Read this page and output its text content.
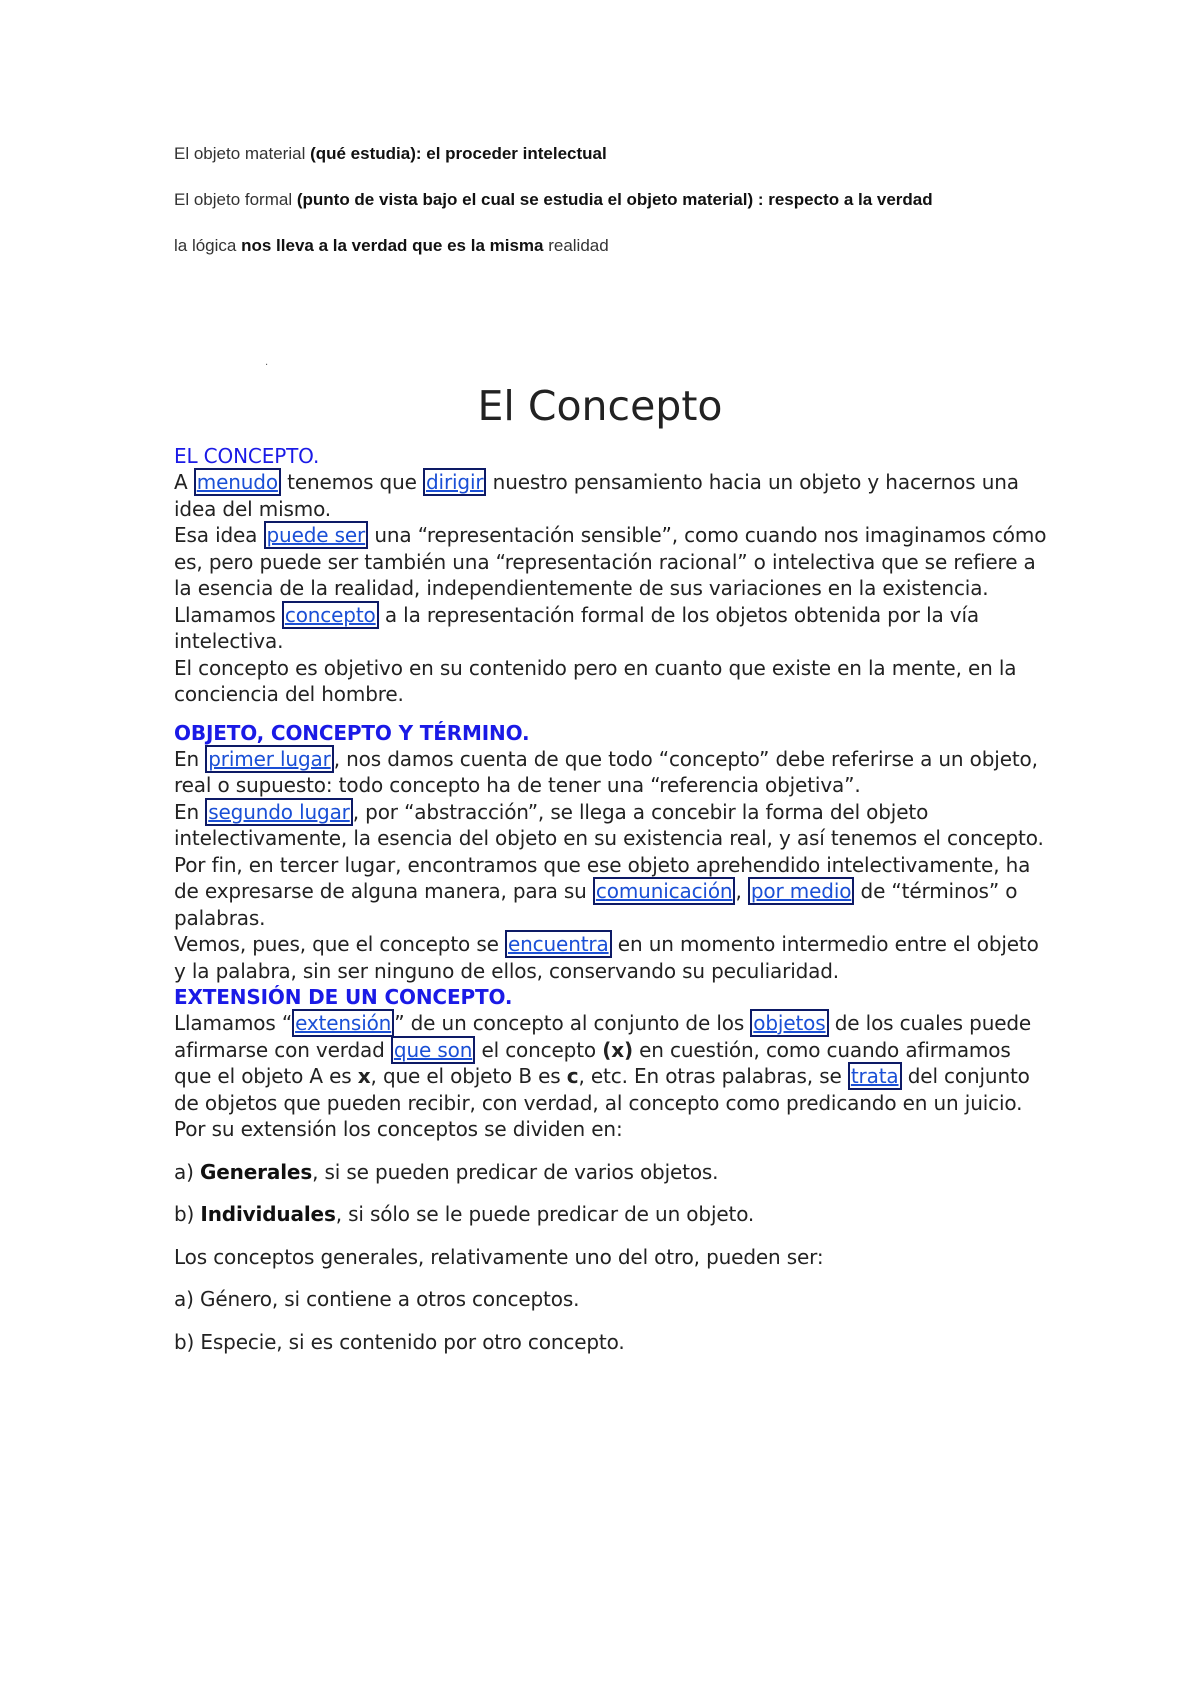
El objeto material (qué estudia): el proceder intelectual

El objeto formal (punto de vista bajo el cual se estudia el objeto material) : respecto a la verdad

la lógica nos lleva a la verdad que es la misma realidad

·
El Concepto
EL CONCEPTO.

A menudo tenemos que dirigir nuestro pensamiento hacia un objeto y hacernos una idea del mismo.

Esa idea puede ser una “representación sensible”, como cuando nos imaginamos cómo es, pero puede ser también una “representación racional” o intelectiva que se refiere a la esencia de la realidad, independientemente de sus variaciones en la existencia.

Llamamos concepto a la representación formal de los objetos obtenida por la vía intelectiva.

El concepto es objetivo en su contenido pero en cuanto que existe en la mente, en la conciencia del hombre.

OBJETO, CONCEPTO Y TÉRMINO.

En primer lugar , nos damos cuenta de que todo “concepto” debe referirse a un objeto, real o supuesto: todo concepto ha de tener una “referencia objetiva”.

En segundo lugar , por “abstracción”, se llega a concebir la forma del objeto intelectivamente, la esencia del objeto en su existencia real, y así tenemos el concepto.

Por fin, en tercer lugar, encontramos que ese objeto aprehendido intelectivamente, ha de expresarse de alguna manera, para su comunicación , por medio de “términos” o palabras.

Vemos, pues, que el concepto se encuentra en un momento intermedio entre el objeto y la palabra, sin ser ninguno de ellos, conservando su peculiaridad.

EXTENSIÓN DE UN CONCEPTO.

Llamamos “ extensión ” de un concepto al conjunto de los objetos de los cuales puede afirmarse con verdad que son el concepto (x) en cuestión, como cuando afirmamos que el objeto A es x, que el objeto B es c, etc. En otras palabras, se trata del conjunto de objetos que pueden recibir, con verdad, al concepto como predicando en un juicio.

Por su extensión los conceptos se dividen en:

a) Generales, si se pueden predicar de varios objetos.

b) Individuales, si sólo se le puede predicar de un objeto.

Los conceptos generales, relativamente uno del otro, pueden ser:

a) Género, si contiene a otros conceptos.

b) Especie, si es contenido por otro concepto.
